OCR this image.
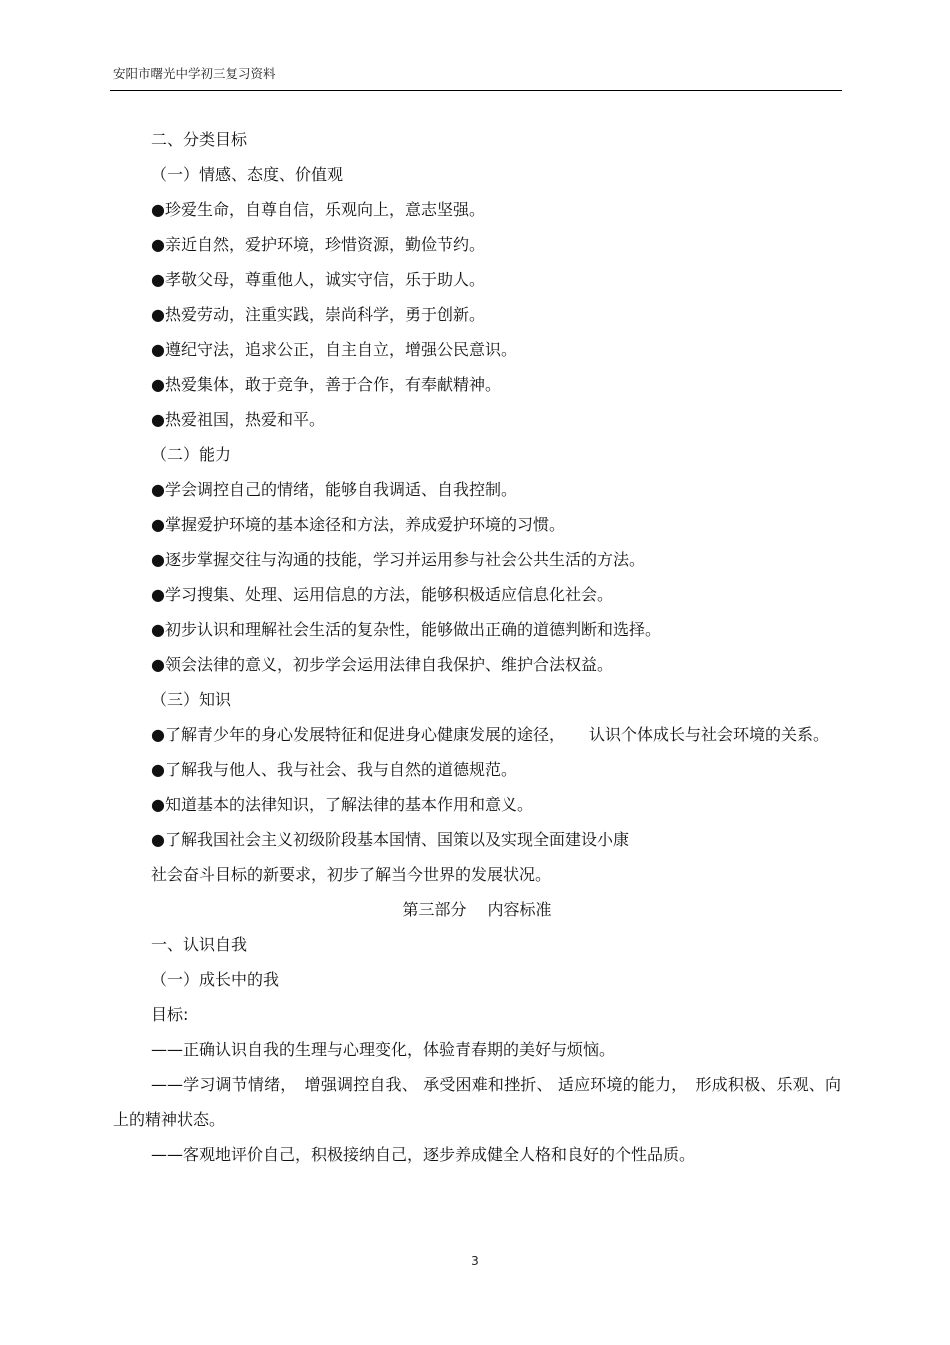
安阳市曙光中学初三复习资料
二、分类目标
（一）情感、态度、价值观
●珍爱生命，自尊自信，乐观向上，意志坚强。
●亲近自然，爱护环境，珍惜资源，勤俭节约。
●孝敬父母，尊重他人，诚实守信，乐于助人。
●热爱劳动，注重实践，崇尚科学，勇于创新。
●遵纪守法，追求公正，自主自立，增强公民意识。
●热爱集体，敢于竞争，善于合作，有奉献精神。
●热爱祖国，热爱和平。
（二）能力
●学会调控自己的情绪，能够自我调适、自我控制。
●掌握爱护环境的基本途径和方法，养成爱护环境的习惯。
●逐步掌握交往与沟通的技能，学习并运用参与社会公共生活的方法。
●学习搜集、处理、运用信息的方法，能够积极适应信息化社会。
●初步认识和理解社会生活的复杂性，能够做出正确的道德判断和选择。
●领会法律的意义，初步学会运用法律自我保护、维护合法权益。
（三）知识
●了解青少年的身心发展特征和促进身心健康发展的途径，　　认识个体成长与社会环境的关系。
●了解我与他人、我与社会、我与自然的道德规范。
●知道基本的法律知识，了解法律的基本作用和意义。
●了解我国社会主义初级阶段基本国情、国策以及实现全面建设小康
社会奋斗目标的新要求，初步了解当今世界的发展状况。
第三部分　 内容标准
一、认识自我
（一）成长中的我
目标:
——正确认识自我的生理与心理变化，体验青春期的美好与烦恼。
——学习调节情绪，　增强调控自我、 承受困难和挫折、 适应环境的能力，　形成积极、乐观、向上的精神状态。
——客观地评价自己，积极接纳自己，逐步养成健全人格和良好的个性品质。
3
